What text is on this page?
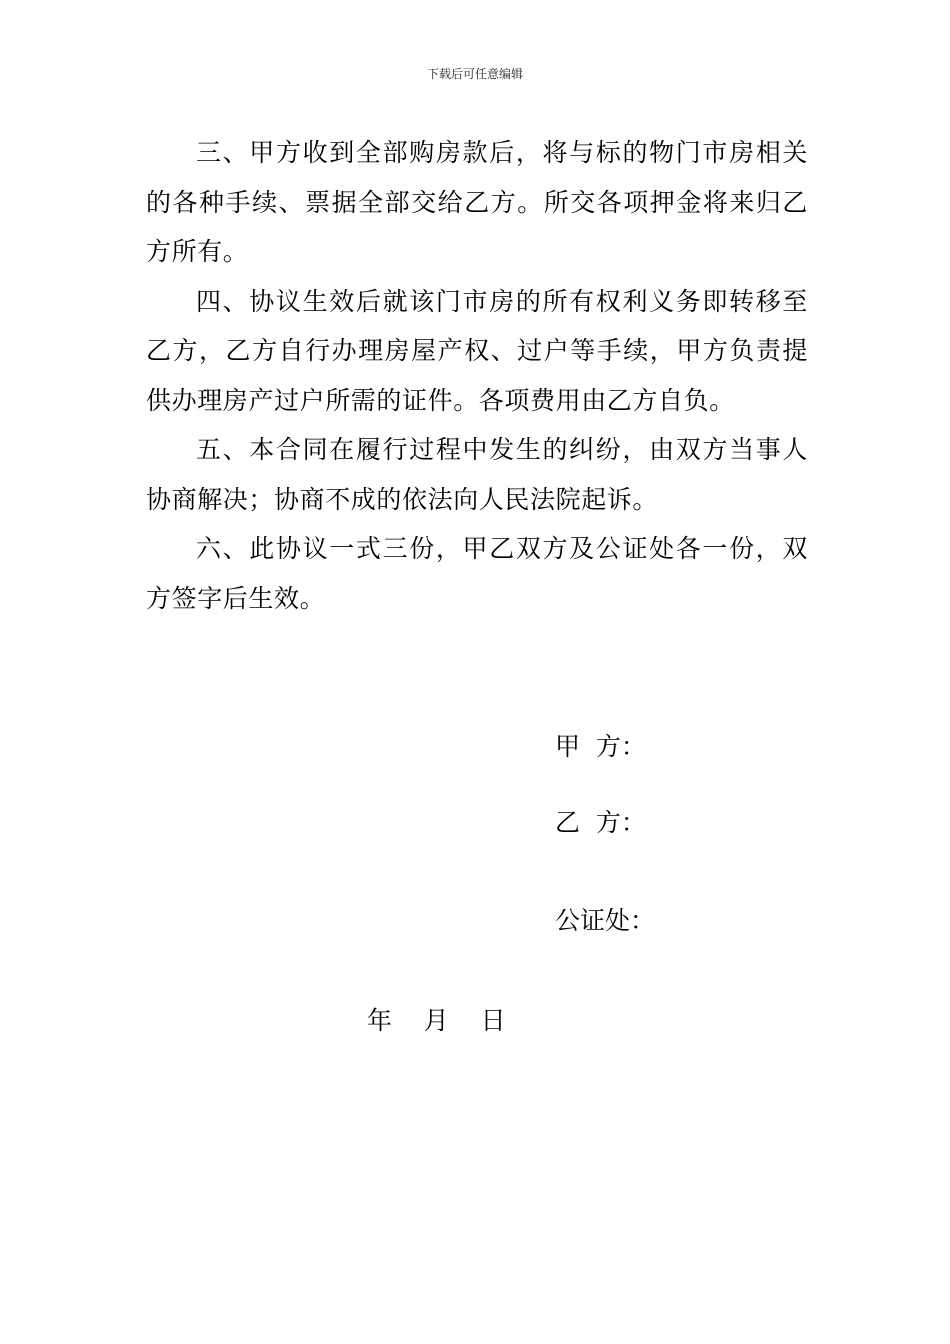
下载后可任意编辑

三、甲方收到全部购房款后，将与标的物门市房相关的各种手续、票据全部交给乙方。所交各项押金将来归乙方所有。

四、协议生效后就该门市房的所有权利义务即转移至乙方，乙方自行办理房屋产权、过户等手续，甲方负责提供办理房产过户所需的证件。各项费用由乙方自负。

五、本合同在履行过程中发生的纠纷，由双方当事人协商解决；协商不成的依法向人民法院起诉。

六、此协议一式三份，甲乙双方及公证处各一份，双方签字后生效。

甲  方：
乙  方：
公证处：
年    月    日
